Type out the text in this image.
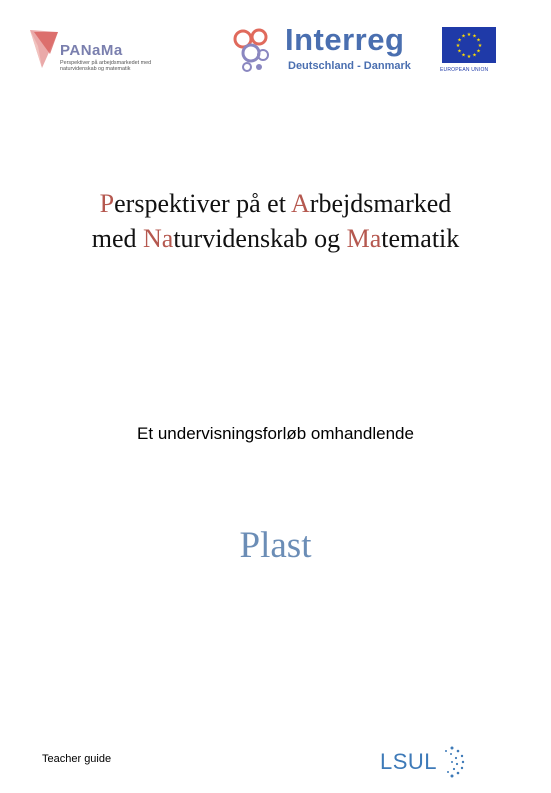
PANaMa
Perspektiver på arbejdsmarkedet med naturvidenskab og matematik
Interreg
Deutschland - Danmark
★ ★
★
★
★
★
★
★
★
★
★
★
EUROPEAN UNION
Perspektiver på et Arbejdsmarked
med Naturvidenskab og Matematik
Et undervisningsforløb omhandlende
Plast
Teacher guide	LSUL
